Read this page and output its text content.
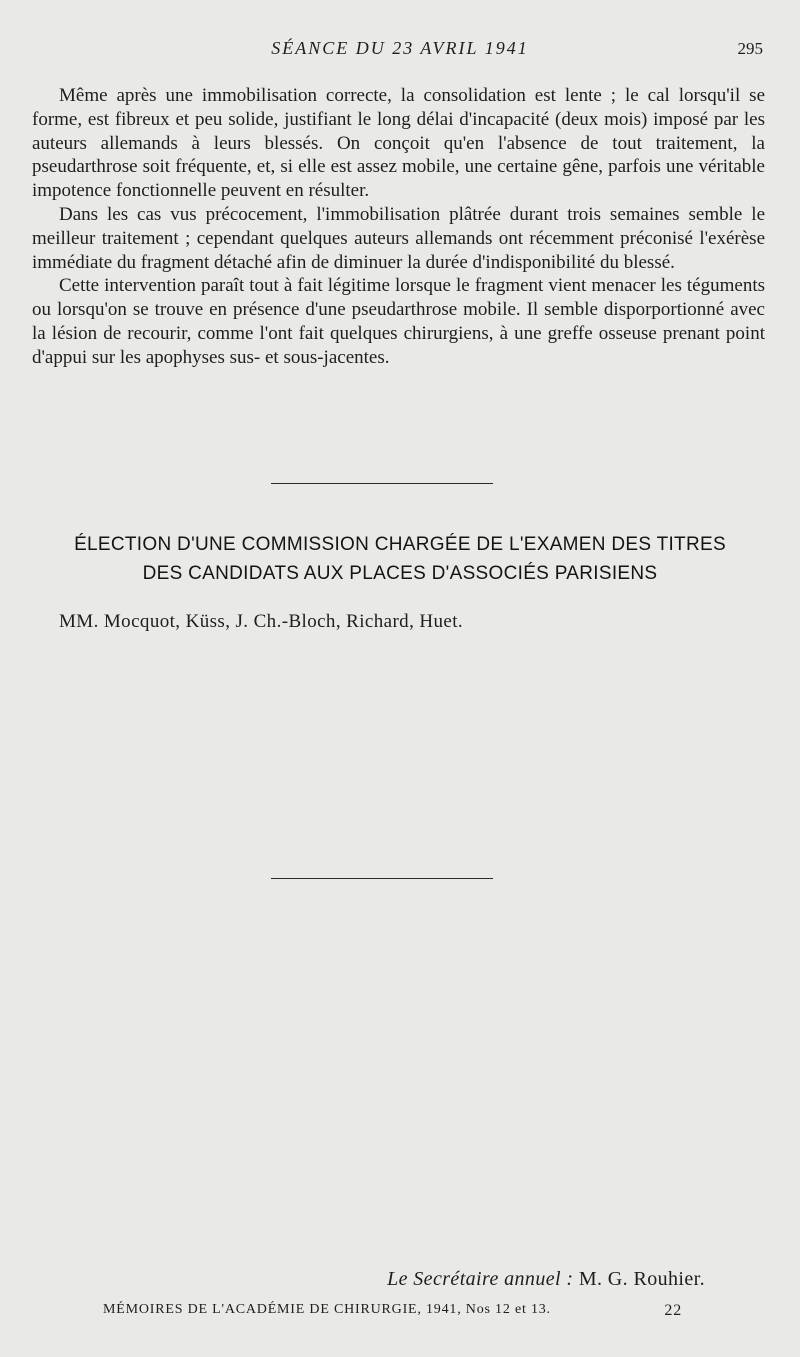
SÉANCE DU 23 AVRIL 1941	295

Même après une immobilisation correcte, la consolidation est lente ; le cal lorsqu'il se forme, est fibreux et peu solide, justifiant le long délai d'incapacité (deux mois) imposé par les auteurs allemands à leurs blessés. On conçoit qu'en l'absence de tout traitement, la pseudarthrose soit fréquente, et, si elle est assez mobile, une certaine gêne, parfois une véritable impotence fonctionnelle peuvent en résulter.

Dans les cas vus précocement, l'immobilisation plâtrée durant trois semaines semble le meilleur traitement ; cependant quelques auteurs allemands ont récemment préconisé l'exérèse immédiate du fragment détaché afin de diminuer la durée d'indisponibilité du blessé.

Cette intervention paraît tout à fait légitime lorsque le fragment vient menacer les téguments ou lorsqu'on se trouve en présence d'une pseudarthrose mobile. Il semble disporportionné avec la lésion de recourir, comme l'ont fait quelques chirurgiens, à une greffe osseuse prenant point d'appui sur les apophyses sus- et sous-jacentes.

ÉLECTION D'UNE COMMISSION CHARGÉE DE L'EXAMEN DES TITRES
DES CANDIDATS AUX PLACES D'ASSOCIÉS PARISIENS
MM. Mocquot, Küss, J. Ch.-Bloch, Richard, Huet.
Le Secrétaire annuel : M. G. Rouhier.
MÉMOIRES DE L'ACADÉMIE DE CHIRURGIE, 1941, Nos 12 et 13.	22
